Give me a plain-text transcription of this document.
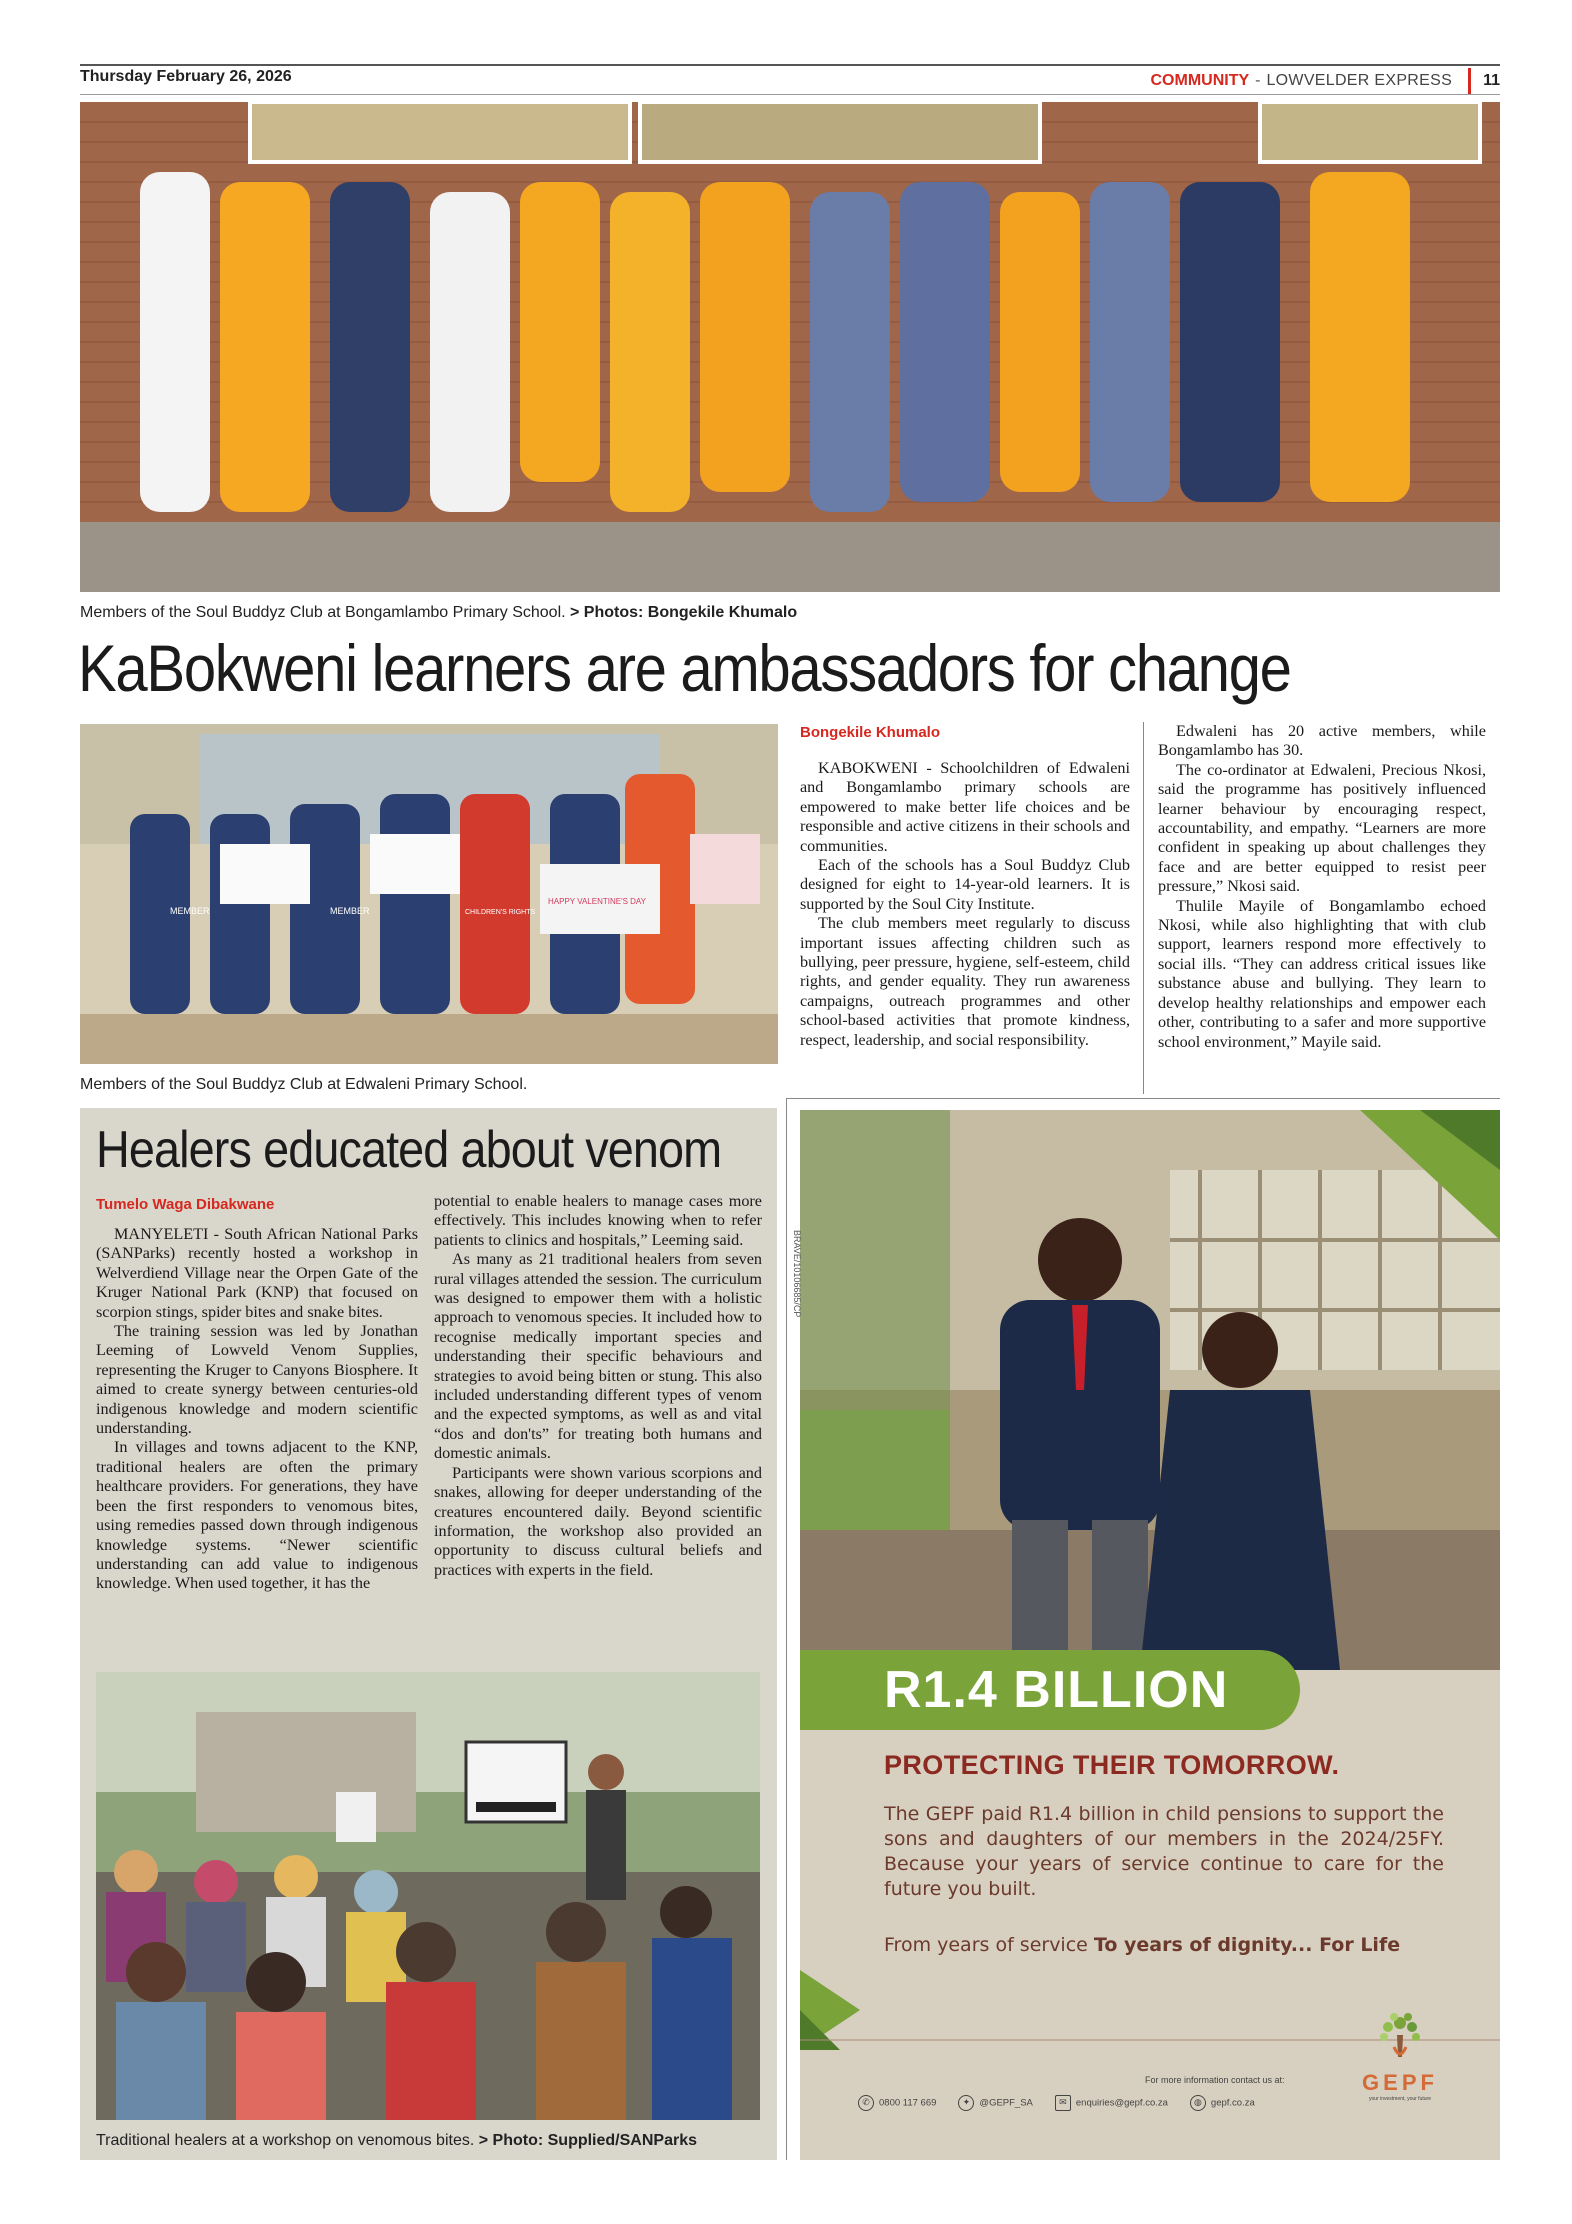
Thursday February 26, 2026	COMMUNITY - LOWVELDER EXPRESS 11
Members of the Soul Buddyz Club at Bongamlambo Primary School. > Photos: Bongekile Khumalo
KaBokweni learners are ambassadors for change
MEMBER	MEMBER	CHILDREN'S RIGHTS
HAPPY VALENTINE'S DAY
Members of the Soul Buddyz Club at Edwaleni Primary School.
Bongekile Khumalo

KABOKWENI - Schoolchildren of Edwaleni and Bongamlambo primary schools are empowered to make better life choices and be responsible and active citizens in their schools and communities.

Each of the schools has a Soul Buddyz Club designed for eight to 14-year-old learners. It is supported by the Soul City Institute.

The club members meet regularly to discuss important issues affecting children such as bullying, peer pressure, hygiene, self-esteem, child rights, and gender equality. They run awareness campaigns, outreach programmes and other school-based activities that promote kindness, respect, leadership, and social responsibility.

Edwaleni has 20 active members, while Bongamlambo has 30.

The co-ordinator at Edwaleni, Precious Nkosi, said the programme has positively influenced learner behaviour by encouraging respect, accountability, and empathy. “Learners are more confident in speaking up about challenges they face and are better equipped to resist peer pressure,” Nkosi said.

Thulile Mayile of Bongamlambo echoed Nkosi, while also highlighting that with club support, learners respond more effectively to social ills. “They can address critical issues like substance abuse and bullying. They learn to develop healthy relationships and empower each other, contributing to a safer and more supportive school environment,” Mayile said.

Healers educated about venom
Tumelo Waga Dibakwane

MANYELETI - South African National Parks (SANParks) recently hosted a workshop in Welverdiend Village near the Orpen Gate of the Kruger National Park (KNP) that focused on scorpion stings, spider bites and snake bites.

The training session was led by Jonathan Leeming of Lowveld Venom Supplies, representing the Kruger to Canyons Biosphere. It aimed to create synergy between centuries-old indigenous knowledge and modern scientific understanding.

In villages and towns adjacent to the KNP, traditional healers are often the primary healthcare providers. For generations, they have been the first responders to venomous bites, using remedies passed down through indigenous knowledge systems. “Newer scientific understanding can add value to indigenous knowledge. When used together, it has the

potential to enable healers to manage cases more effectively. This includes knowing when to refer patients to clinics and hospitals,” Leeming said.

As many as 21 traditional healers from seven rural villages attended the session. The curriculum was designed to empower them with a holistic approach to venomous species. It included how to recognise medically important species and understanding their specific behaviours and strategies to avoid being bitten or stung. This also included understanding different types of venom and the expected symptoms, as well as and vital “dos and don'ts” for treating both humans and domestic animals.

Participants were shown various scorpions and snakes, allowing for deeper understanding of the creatures encountered daily. Beyond scientific information, the workshop also provided an opportunity to discuss cultural beliefs and practices with experts in the field.

Traditional healers at a workshop on venomous bites. > Photo: Supplied/SANParks
BRAVE/10106685/CP
R1.4 BILLION
PROTECTING THEIR TOMORROW.
The GEPF paid R1.4 billion in child pensions to support the sons and daughters of our members in the 2024/25FY. Because your years of service continue to care for the future you built.
From years of service To years of dignity... For Life
For more information contact us at:
✆ 0800 117 669	✦ @GEPF_SA	✉ enquiries@gepf.co.za	◍ gepf.co.za
GEPF
your investment, your future
